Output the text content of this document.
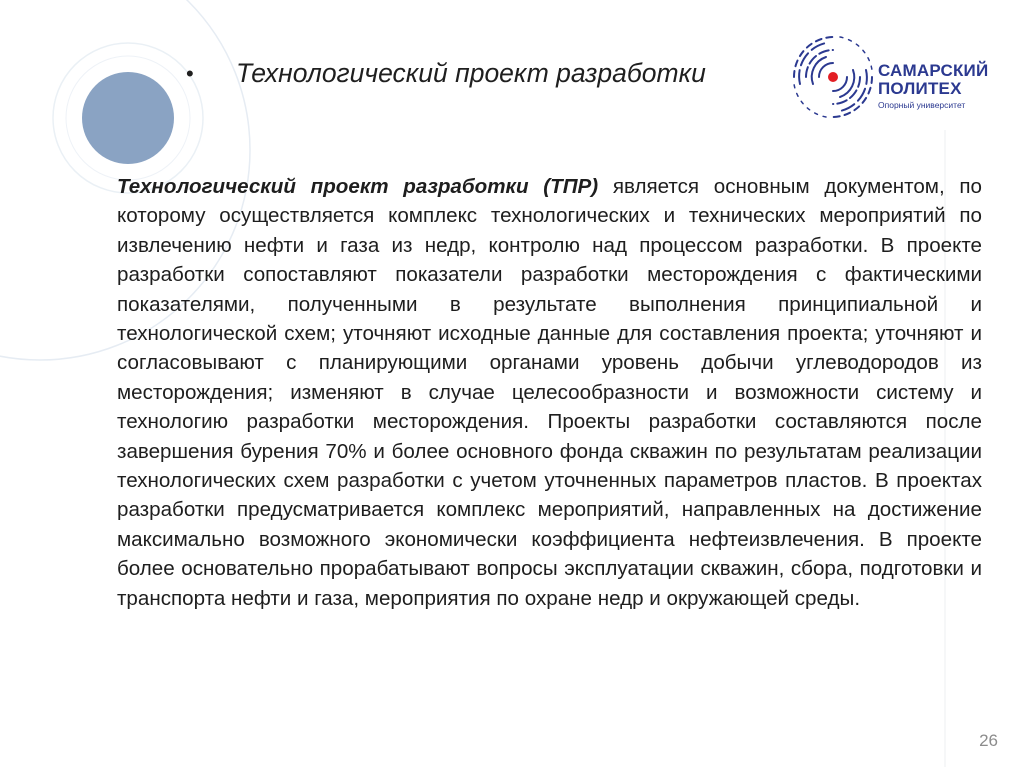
•	Технологический проект разработки	САМАРСКИЙ
ПОЛИТЕХ
Опорный университет
Технологический проект разработки (ТПР) является основным документом, по которому осуществляется комплекс технологических и технических мероприятий по извлечению нефти и газа из недр, контролю над процессом разработки. В проекте разработки сопоставляют показатели разработки месторождения с фактическими показателями, полученными в результате выполнения принципиальной и технологической схем; уточняют исходные данные для составления проекта; уточняют и согласовывают с планирующими органами уровень добычи углеводородов из месторождения; изменяют в случае целесообразности и возможности систему и технологию разработки месторождения. Проекты разработки составляются после завершения бурения 70% и более основного фонда скважин по результатам реализации технологических схем разработки с учетом уточненных параметров пластов. В проектах разработки предусматривается комплекс мероприятий, направленных на достижение максимально возможного экономически коэффициента нефтеизвлечения. В проекте более основательно прорабатывают вопросы эксплуатации скважин, сбора, подготовки и транспорта нефти и газа, мероприятия по охране недр и окружающей среды.
26
